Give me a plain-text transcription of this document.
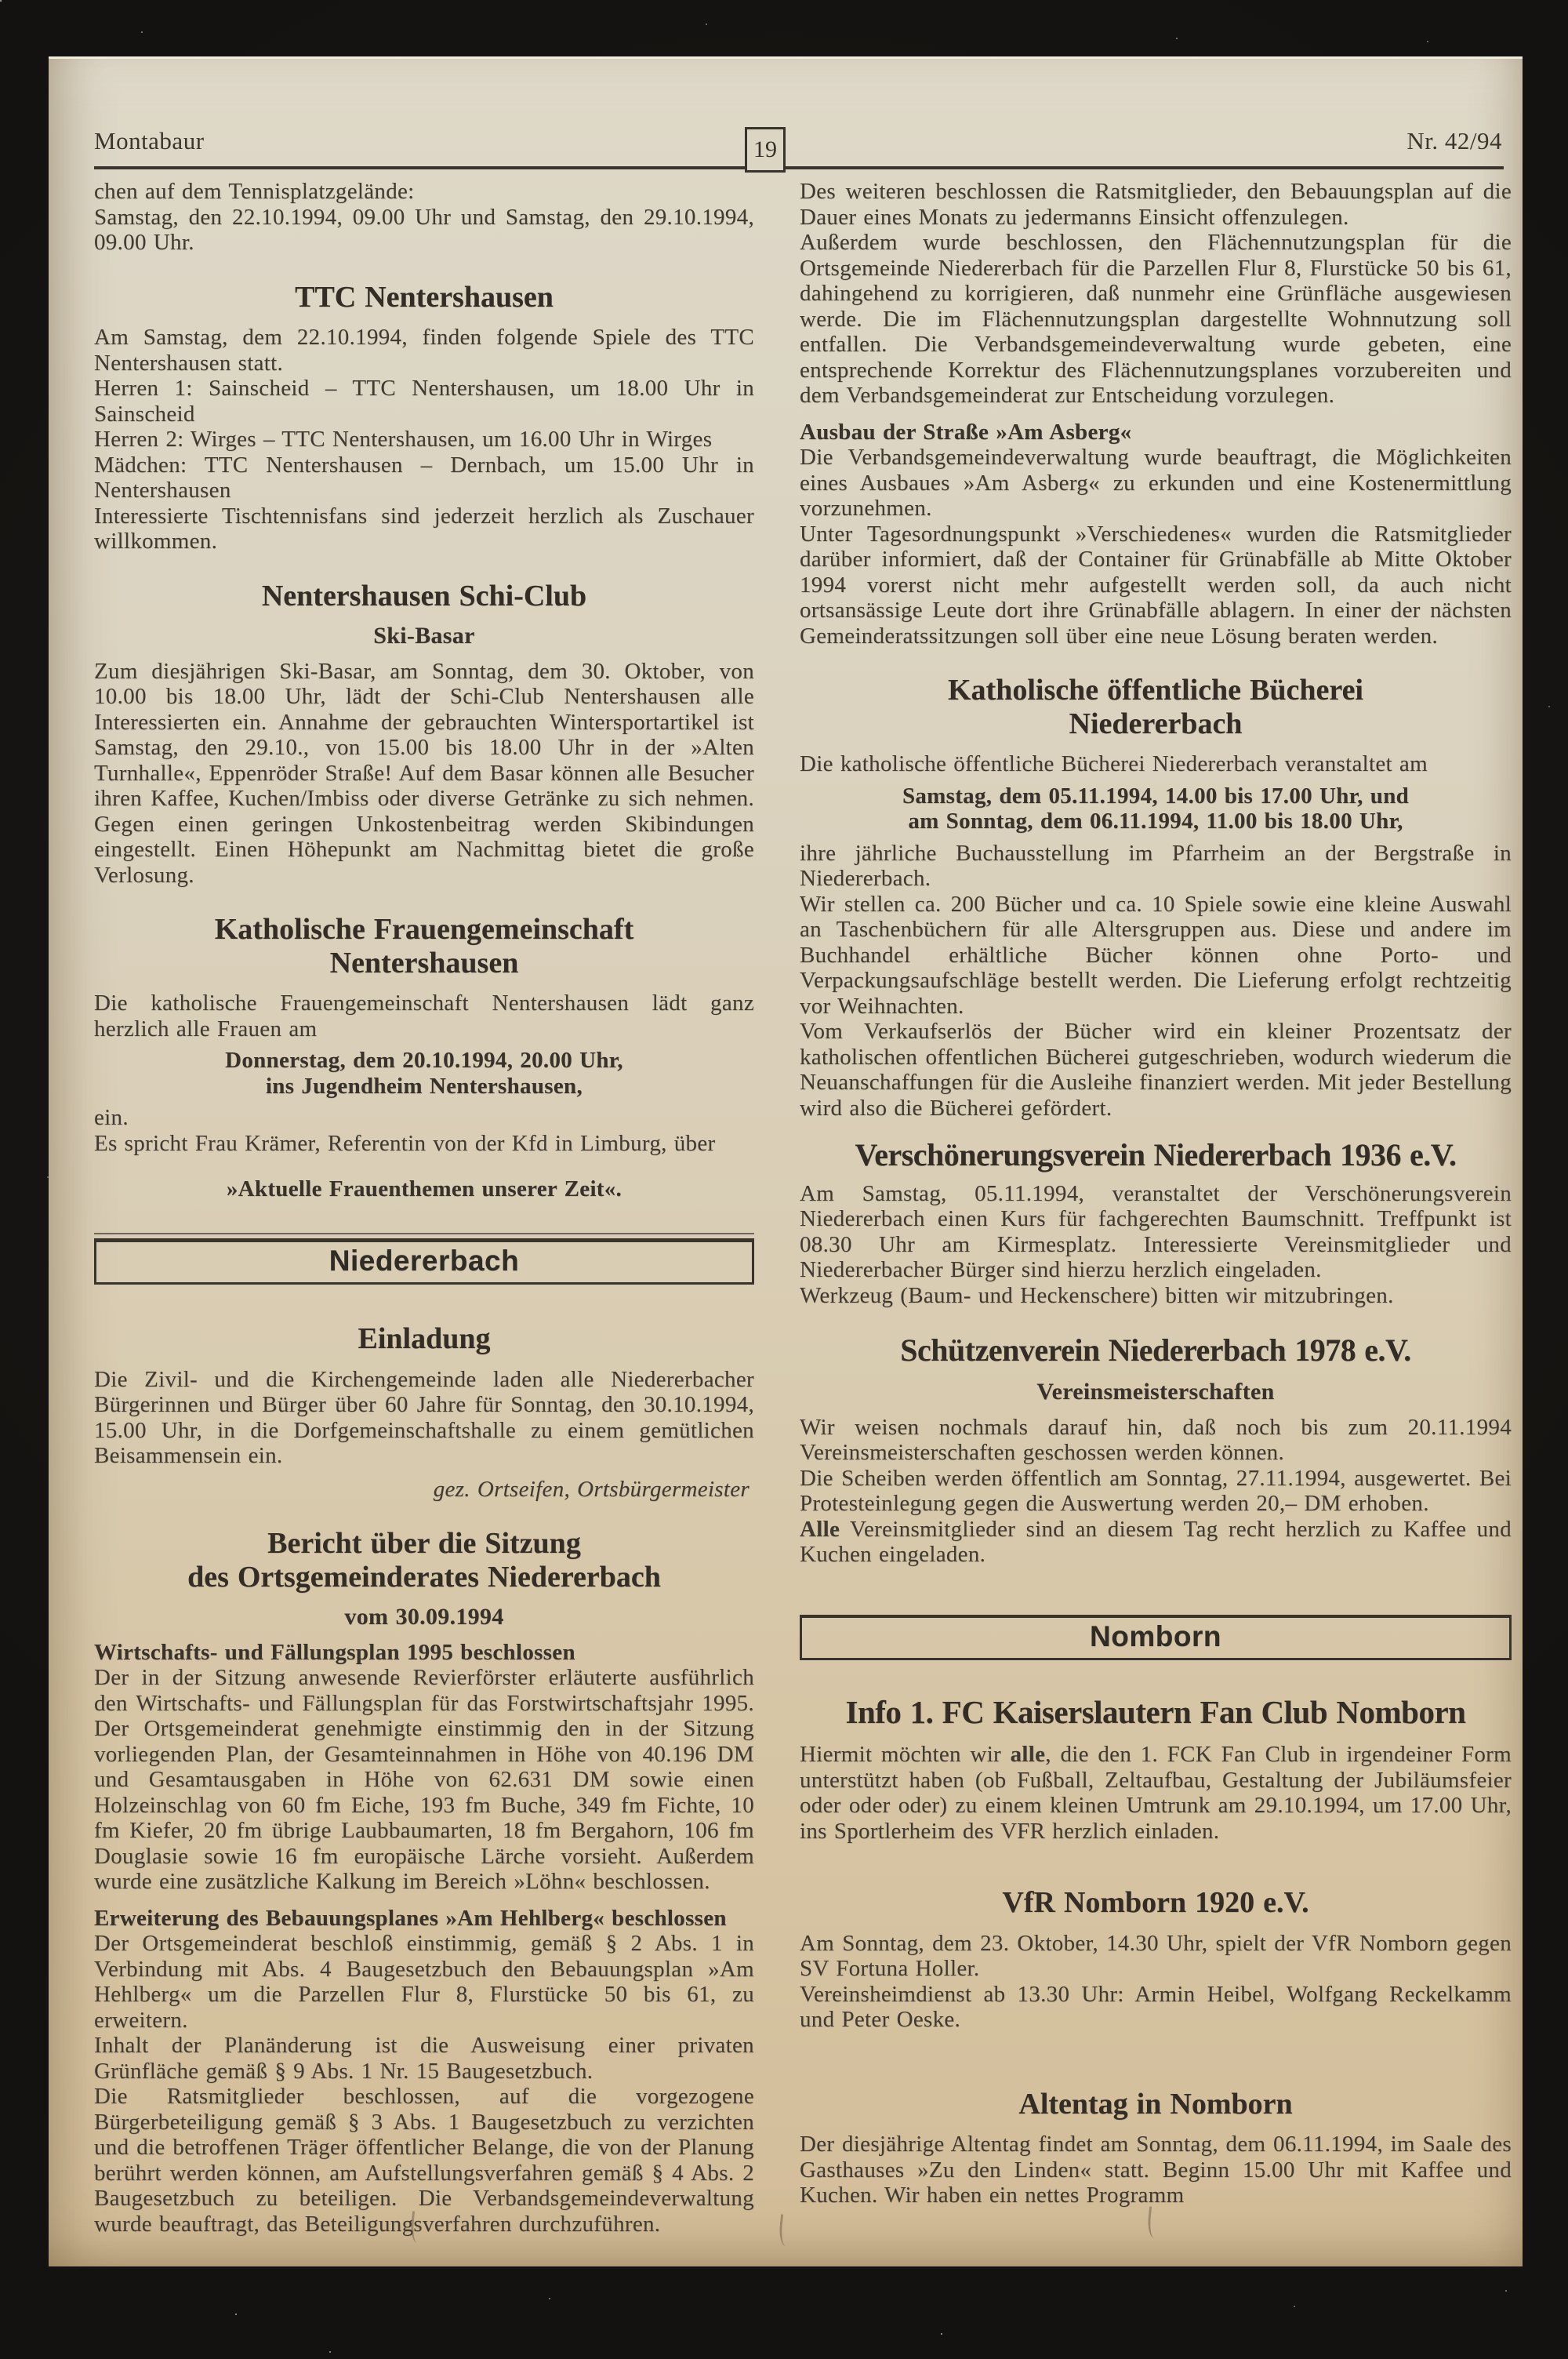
Montabaur	19	Nr. 42/94

chen auf dem Tennisplatzgelände:

Samstag, den 22.10.1994, 09.00 Uhr und Samstag, den 29.10.1994, 09.00 Uhr.

TTC Nentershausen

Am Samstag, dem 22.10.1994, finden folgende Spiele des TTC Nentershausen statt.

Herren 1: Sainscheid – TTC Nentershausen, um 18.00 Uhr in Sainscheid

Herren 2: Wirges – TTC Nentershausen, um 16.00 Uhr in Wirges

Mädchen: TTC Nentershausen – Dernbach, um 15.00 Uhr in Nentershausen

Interessierte Tischtennisfans sind jederzeit herzlich als Zuschauer willkommen.

Nentershausen Schi-Club
Ski-Basar

Zum diesjährigen Ski-Basar, am Sonntag, dem 30. Oktober, von 10.00 bis 18.00 Uhr, lädt der Schi-Club Nentershausen alle Interessierten ein. Annahme der gebrauchten Wintersportartikel ist Samstag, den 29.10., von 15.00 bis 18.00 Uhr in der »Alten Turnhalle«, Eppenröder Straße! Auf dem Basar können alle Besucher ihren Kaffee, Kuchen/Imbiss oder diverse Getränke zu sich nehmen. Gegen einen geringen Unkostenbeitrag werden Skibindungen eingestellt. Einen Höhepunkt am Nachmittag bietet die große Verlosung.

Katholische Frauengemeinschaft
Nentershausen

Die katholische Frauengemeinschaft Nentershausen lädt ganz herzlich alle Frauen am

Donnerstag, dem 20.10.1994, 20.00 Uhr,
ins Jugendheim Nentershausen,

ein.

Es spricht Frau Krämer, Referentin von der Kfd in Limburg, über

»Aktuelle Frauenthemen unserer Zeit«.
Niedererbach
Einladung

Die Zivil- und die Kirchengemeinde laden alle Niedererbacher Bürgerinnen und Bürger über 60 Jahre für Sonntag, den 30.10.1994, 15.00 Uhr, in die Dorfgemeinschaftshalle zu einem gemütlichen Beisammensein ein.

gez. Ortseifen, Ortsbürgermeister

Bericht über die Sitzung
des Ortsgemeinderates Niedererbach
vom 30.09.1994

Wirtschafts- und Fällungsplan 1995 beschlossen

Der in der Sitzung anwesende Revierförster erläuterte ausführlich den Wirtschafts- und Fällungsplan für das Forstwirtschaftsjahr 1995. Der Ortsgemeinderat genehmigte einstimmig den in der Sitzung vorliegenden Plan, der Gesamteinnahmen in Höhe von 40.196 DM und Gesamtausgaben in Höhe von 62.631 DM sowie einen Holzeinschlag von 60 fm Eiche, 193 fm Buche, 349 fm Fichte, 10 fm Kiefer, 20 fm übrige Laubbaumarten, 18 fm Bergahorn, 106 fm Douglasie sowie 16 fm europäische Lärche vorsieht. Außerdem wurde eine zusätzliche Kalkung im Bereich »Löhn« beschlossen.

Erweiterung des Bebauungsplanes »Am Hehlberg« beschlossen

Der Ortsgemeinderat beschloß einstimmig, gemäß § 2 Abs. 1 in Verbindung mit Abs. 4 Baugesetzbuch den Bebauungsplan »Am Hehlberg« um die Parzellen Flur 8, Flurstücke 50 bis 61, zu erweitern.

Inhalt der Planänderung ist die Ausweisung einer privaten Grünfläche gemäß § 9 Abs. 1 Nr. 15 Baugesetzbuch.

Die Ratsmitglieder beschlossen, auf die vorgezogene Bürgerbeteiligung gemäß § 3 Abs. 1 Baugesetzbuch zu verzichten und die betroffenen Träger öffentlicher Belange, die von der Planung berührt werden können, am Aufstellungsverfahren gemäß § 4 Abs. 2 Baugesetzbuch zu beteiligen. Die Verbandsgemeindeverwaltung wurde beauftragt, das Beteiligungsverfahren durchzuführen.

Des weiteren beschlossen die Ratsmitglieder, den Bebauungsplan auf die Dauer eines Monats zu jedermanns Einsicht offenzulegen.

Außerdem wurde beschlossen, den Flächennutzungsplan für die Ortsgemeinde Niedererbach für die Parzellen Flur 8, Flurstücke 50 bis 61, dahingehend zu korrigieren, daß nunmehr eine Grünfläche ausgewiesen werde. Die im Flächennutzungsplan dargestellte Wohnnutzung soll entfallen. Die Verbandsgemeindeverwaltung wurde gebeten, eine entsprechende Korrektur des Flächennutzungsplanes vorzubereiten und dem Verbandsgemeinderat zur Entscheidung vorzulegen.

Ausbau der Straße »Am Asberg«

Die Verbandsgemeindeverwaltung wurde beauftragt, die Möglichkeiten eines Ausbaues »Am Asberg« zu erkunden und eine Kostenermittlung vorzunehmen.

Unter Tagesordnungspunkt »Verschiedenes« wurden die Ratsmitglieder darüber informiert, daß der Container für Grünabfälle ab Mitte Oktober 1994 vorerst nicht mehr aufgestellt werden soll, da auch nicht ortsansässige Leute dort ihre Grünabfälle ablagern. In einer der nächsten Gemeinderatssitzungen soll über eine neue Lösung beraten werden.

Katholische öffentliche Bücherei
Niedererbach

Die katholische öffentliche Bücherei Niedererbach veranstaltet am

Samstag, dem 05.11.1994, 14.00 bis 17.00 Uhr, und
am Sonntag, dem 06.11.1994, 11.00 bis 18.00 Uhr,

ihre jährliche Buchausstellung im Pfarrheim an der Bergstraße in Niedererbach.

Wir stellen ca. 200 Bücher und ca. 10 Spiele sowie eine kleine Auswahl an Taschenbüchern für alle Altersgruppen aus. Diese und andere im Buchhandel erhältliche Bücher können ohne Porto- und Verpackungsaufschläge bestellt werden. Die Lieferung erfolgt rechtzeitig vor Weihnachten.

Vom Verkaufserlös der Bücher wird ein kleiner Prozentsatz der katholischen offentlichen Bücherei gutgeschrieben, wodurch wiederum die Neuanschaffungen für die Ausleihe finanziert werden. Mit jeder Bestellung wird also die Bücherei gefördert.

Verschönerungsverein Niedererbach 1936 e.V.

Am Samstag, 05.11.1994, veranstaltet der Verschönerungsverein Niedererbach einen Kurs für fachgerechten Baumschnitt. Treffpunkt ist 08.30 Uhr am Kirmesplatz. Interessierte Vereinsmitglieder und Niedererbacher Bürger sind hierzu herzlich eingeladen.

Werkzeug (Baum- und Heckenschere) bitten wir mitzubringen.

Schützenverein Niedererbach 1978 e.V.
Vereinsmeisterschaften

Wir weisen nochmals darauf hin, daß noch bis zum 20.11.1994 Vereinsmeisterschaften geschossen werden können.

Die Scheiben werden öffentlich am Sonntag, 27.11.1994, ausgewertet. Bei Protesteinlegung gegen die Auswertung werden 20,– DM erhoben.

Alle Vereinsmitglieder sind an diesem Tag recht herzlich zu Kaffee und Kuchen eingeladen.

Nomborn
Info 1. FC Kaiserslautern Fan Club Nomborn

Hiermit möchten wir alle, die den 1. FCK Fan Club in irgendeiner Form unterstützt haben (ob Fußball, Zeltaufbau, Gestaltung der Jubiläumsfeier oder oder oder) zu einem kleinen Umtrunk am 29.10.1994, um 17.00 Uhr, ins Sportlerheim des VFR herzlich einladen.

VfR Nomborn 1920 e.V.

Am Sonntag, dem 23. Oktober, 14.30 Uhr, spielt der VfR Nomborn gegen SV Fortuna Holler.

Vereinsheimdienst ab 13.30 Uhr: Armin Heibel, Wolfgang Reckelkamm und Peter Oeske.

Altentag in Nomborn

Der diesjährige Altentag findet am Sonntag, dem 06.11.1994, im Saale des Gasthauses »Zu den Linden« statt. Beginn 15.00 Uhr mit Kaffee und Kuchen. Wir haben ein nettes Programm
